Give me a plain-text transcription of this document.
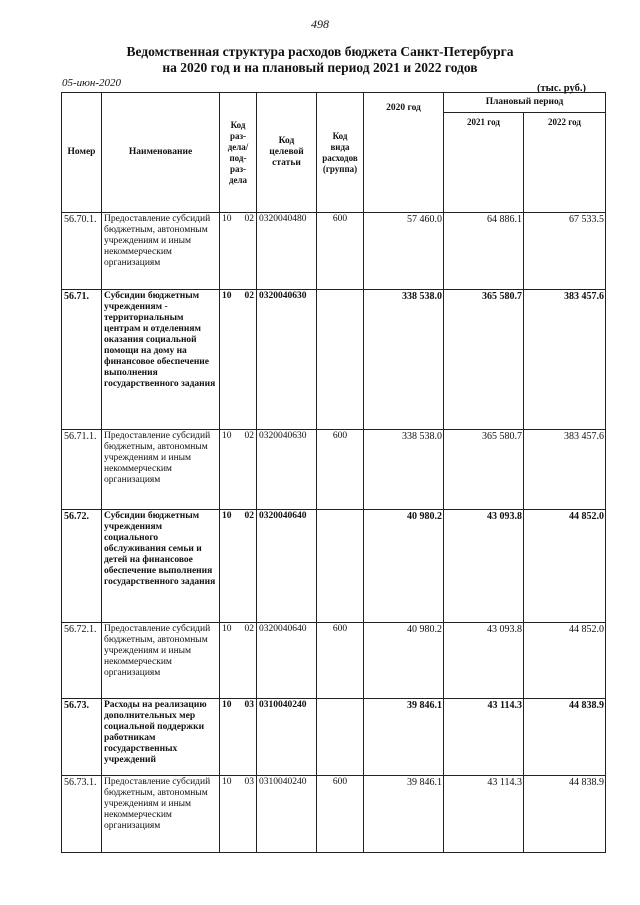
498
Ведомственная структура расходов бюджета Санкт-Петербурга
на 2020 год и на плановый период 2021 и 2022 годов
05-июн-2020	(тыс. руб.)
Номер	Наименование	Код раз-
дела/
под-
раз-
дела	Код
целевой
статьи	Код
вида
расходов
(группа)	2020 год	Плановый период	
						2021 год	2022 год
56.70.1.	Предоставление субсидий бюджетным, автономным учреждениям и иным некоммерческим организациям	10 02	0320040480	600	57 460.0	64 886.1	67 533.5
56.71.	Субсидии бюджетным учреждениям - территориальным центрам и отделениям оказания социальной помощи на дому на финансовое обеспечение выполнения государственного задания	10 02	0320040630		338 538.0	365 580.7	383 457.6
56.71.1.	Предоставление субсидий бюджетным, автономным учреждениям и иным некоммерческим организациям	10 02	0320040630	600	338 538.0	365 580.7	383 457.6
56.72.	Субсидии бюджетным учреждениям социального обслуживания семьи и детей на финансовое обеспечение выполнения государственного задания	10 02	0320040640		40 980.2	43 093.8	44 852.0
56.72.1.	Предоставление субсидий бюджетным, автономным учреждениям и иным некоммерческим организациям	10 02	0320040640	600	40 980.2	43 093.8	44 852.0
56.73.	Расходы на реализацию дополнительных мер социальной поддержки работникам государственных учреждений	10 03	0310040240		39 846.1	43 114.3	44 838.9
56.73.1.	Предоставление субсидий бюджетным, автономным учреждениям и иным некоммерческим организациям	10 03	0310040240	600	39 846.1	43 114.3	44 838.9
